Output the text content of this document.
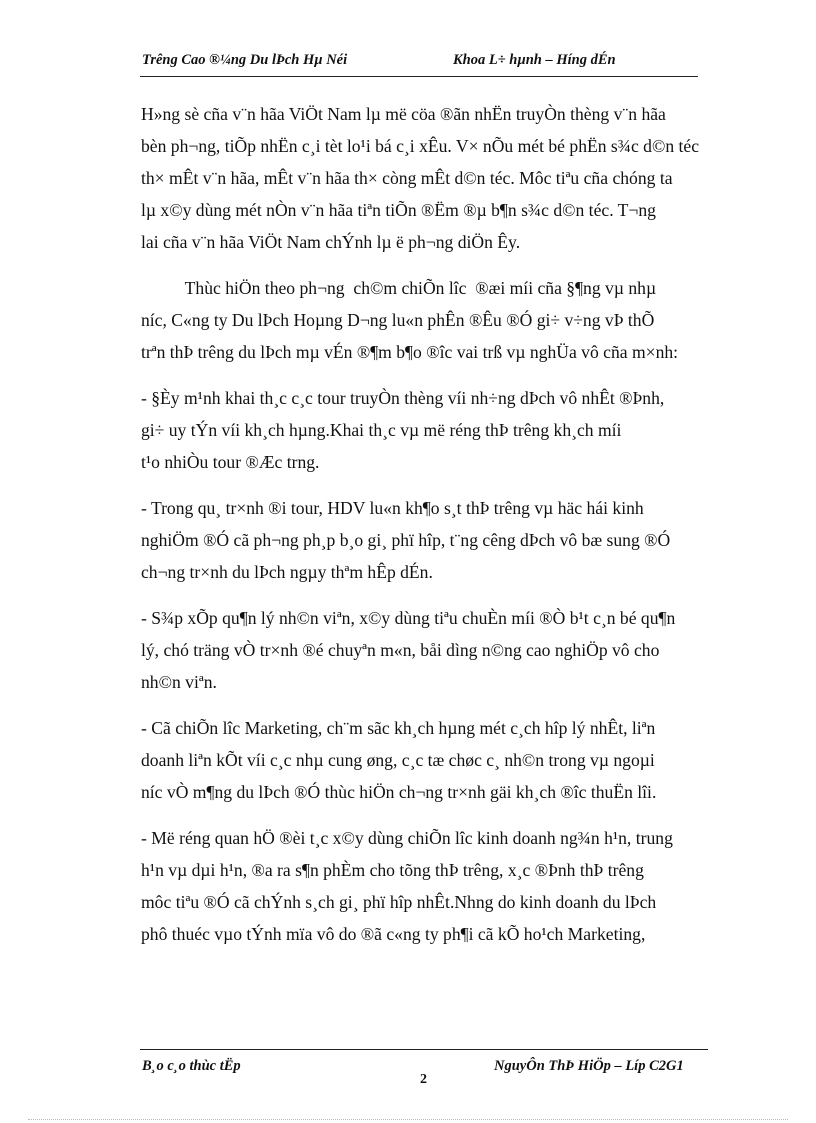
Trêng Cao ®¼ng Du lÞch Hµ Néi	Khoa L÷ hµnh – Híng dÉn
H»ng sè cña v¨n hãa ViÖt Nam lµ më cöa ®ãn nhËn truyÒn thèng v¨n hãa
bèn ph¬ng, tiÕp nhËn c¸i tèt lo¹i bá c¸i xÊu. V× nÕu mét bé phËn s¾c d©n téc
th× mÊt v¨n hãa, mÊt v¨n hãa th× còng mÊt d©n téc. Môc tiªu cña chóng ta
lµ x©y dùng mét nÒn v¨n hãa tiªn tiÕn ®Ëm ®µ b¶n s¾c d©n téc. T¬ng
lai cña v¨n hãa ViÖt Nam chÝnh lµ ë ph¬ng diÖn Êy.
Thùc hiÖn theo ph¬ng  ch©m chiÕn lîc  ®æi míi cña §¶ng vµ nhµ
níc, C«ng ty Du lÞch Hoµng D¬ng lu«n phÊn ®Êu ®Ó gi÷ v÷ng vÞ thÕ
trªn thÞ trêng du lÞch mµ vÉn ®¶m b¶o ®îc vai trß vµ nghÜa vô cña m×nh:
- §Èy m¹nh khai th¸c c¸c tour truyÒn thèng víi nh÷ng dÞch vô nhÊt ®Þnh,
gi÷ uy tÝn víi kh¸ch hµng.Khai th¸c vµ më réng thÞ trêng kh¸ch míi
t¹o nhiÒu tour ®Æc trng.
- Trong qu¸ tr×nh ®i tour, HDV lu«n kh¶o s¸t thÞ trêng vµ häc hái kinh
nghiÖm ®Ó cã ph¬ng ph¸p b¸o gi¸ phï hîp, t¨ng cêng dÞch vô bæ sung ®Ó
ch¬ng tr×nh du lÞch ngµy thªm hÊp dÉn.
- S¾p xÕp qu¶n lý nh©n viªn, x©y dùng tiªu chuÈn míi ®Ò b¹t c¸n bé qu¶n
lý, chó träng vÒ tr×nh ®é chuyªn m«n, båi dìng n©ng cao nghiÖp vô cho
nh©n viªn.
- Cã chiÕn lîc Marketing, ch¨m sãc kh¸ch hµng mét c¸ch hîp lý nhÊt, liªn
doanh liªn kÕt víi c¸c nhµ cung øng, c¸c tæ chøc c¸ nh©n trong vµ ngoµi
níc vÒ m¶ng du lÞch ®Ó thùc hiÖn ch¬ng tr×nh gäi kh¸ch ®îc thuËn lîi.
- Më réng quan hÖ ®èi t¸c x©y dùng chiÕn lîc kinh doanh ng¾n h¹n, trung
h¹n vµ dµi h¹n, ®a ra s¶n phÈm cho tõng thÞ trêng, x¸c ®Þnh thÞ trêng
môc tiªu ®Ó cã chÝnh s¸ch gi¸ phï hîp nhÊt.Nhng do kinh doanh du lÞch
phô thuéc vµo tÝnh mïa vô do ®ã c«ng ty ph¶i cã kÕ ho¹ch Marketing,
B¸o c¸o thùc tËp	NguyÔn ThÞ HiÖp – Líp C2G1
2
